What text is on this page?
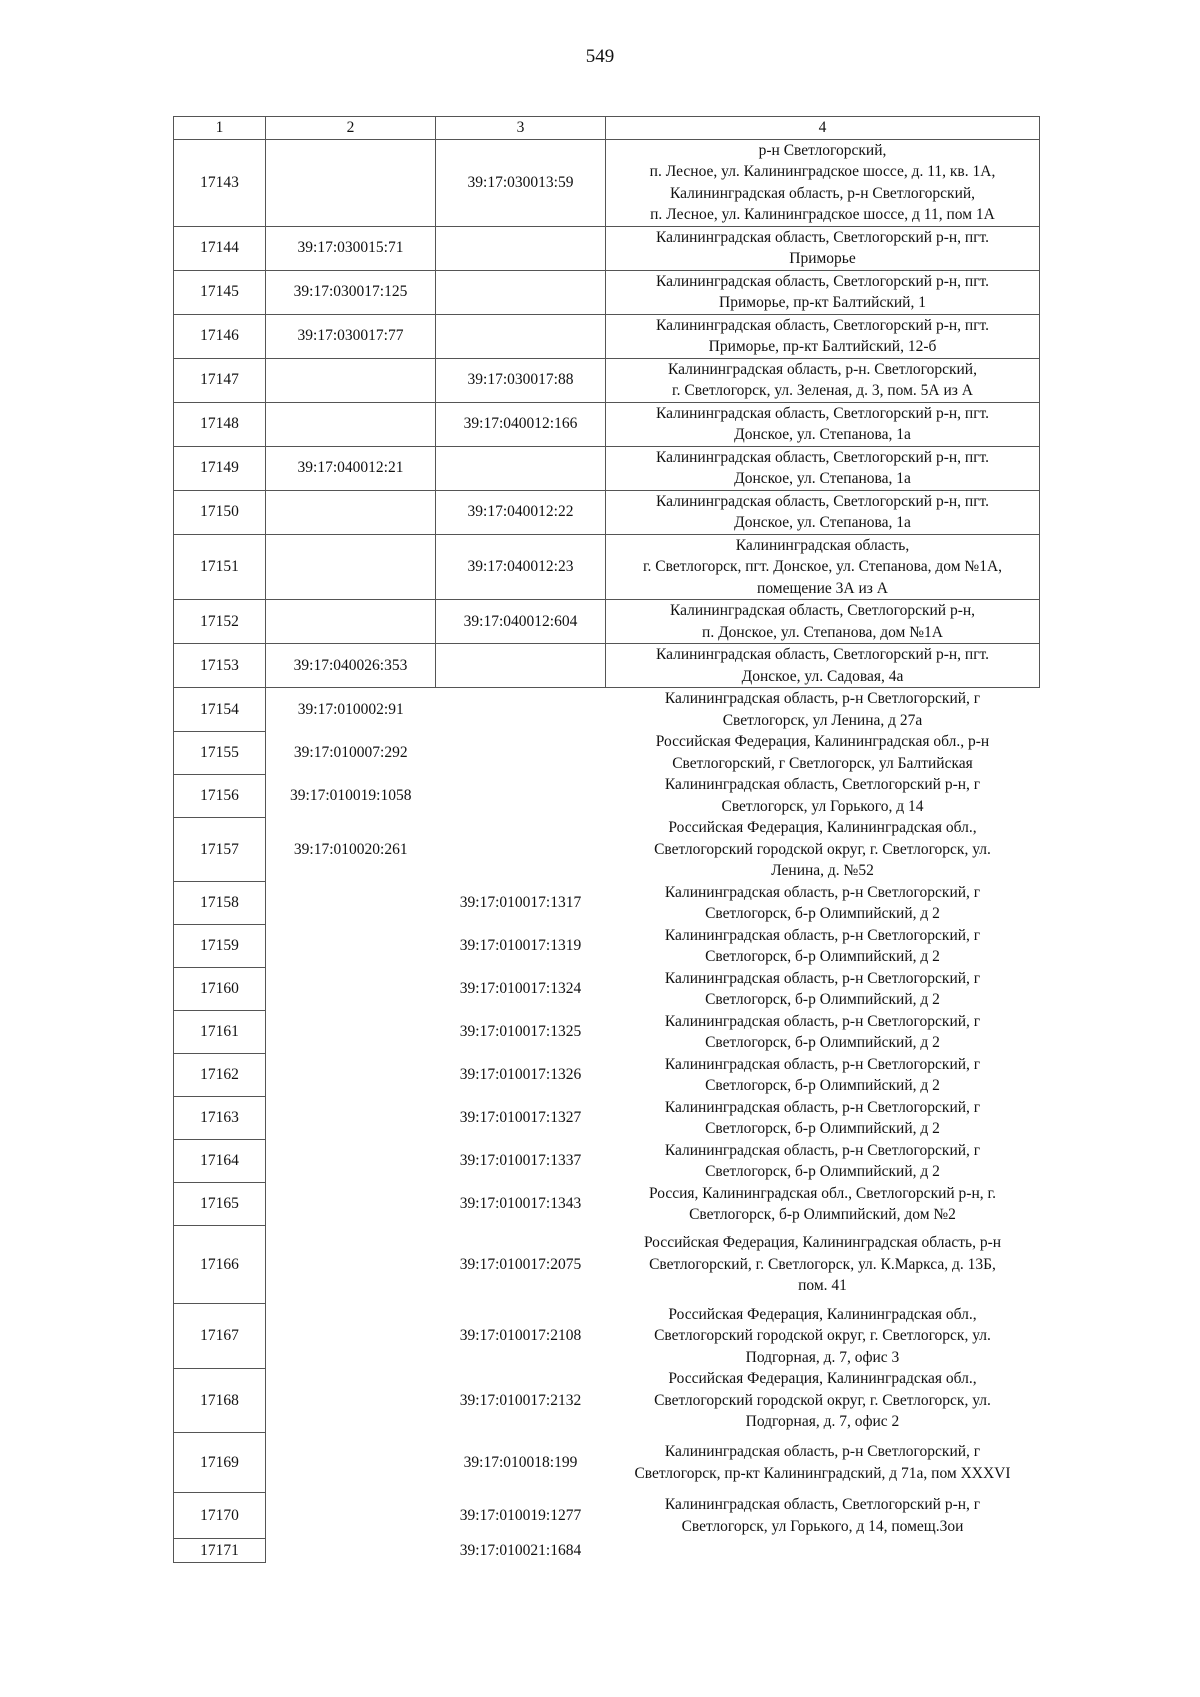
549
1	2	3	4
17143		39:17:030013:59	р-н Светлогорский,
п. Лесное, ул. Калининградское шоссе, д. 11, кв. 1А,
Калининградская область, р-н Светлогорский,
п. Лесное, ул. Калининградское шоссе, д 11, пом 1А

17144	39:17:030015:71		Калининградская область, Светлогорский р-н, пгт.
Приморье

17145	39:17:030017:125		Калининградская область, Светлогорский р-н, пгт.
Приморье, пр-кт Балтийский, 1

17146	39:17:030017:77		Калининградская область, Светлогорский р-н, пгт.
Приморье, пр-кт Балтийский, 12-б

17147		39:17:030017:88	Калининградская область, р-н. Светлогорский,
г. Светлогорск, ул. Зеленая, д. 3, пом. 5А из А

17148		39:17:040012:166	Калининградская область, Светлогорский р-н, пгт.
Донское, ул. Степанова, 1а

17149	39:17:040012:21		Калининградская область, Светлогорский р-н, пгт.
Донское, ул. Степанова, 1а

17150		39:17:040012:22	Калининградская область, Светлогорский р-н, пгт.
Донское, ул. Степанова, 1а

17151		39:17:040012:23	Калининградская область,
г. Светлогорск, пгт. Донское, ул. Степанова, дом №1А,
помещение 3А из А

17152		39:17:040012:604	Калининградская область, Светлогорский р-н,
п. Донское, ул. Степанова, дом №1А

17153	39:17:040026:353		Калининградская область, Светлогорский р-н, пгт.
Донское, ул. Садовая, 4а

17154	39:17:010002:91		Калининградская область, р-н Светлогорский, г
Светлогорск, ул Ленина, д 27а

17155	39:17:010007:292		Российская Федерация, Калининградская обл., р-н
Светлогорский, г Светлогорск, ул Балтийская

17156	39:17:010019:1058		Калининградская область, Светлогорский р-н, г
Светлогорск, ул Горького, д 14

17157	39:17:010020:261		Российская Федерация, Калининградская обл.,
Светлогорский городской округ, г. Светлогорск, ул.
Ленина, д. №52

17158		39:17:010017:1317	Калининградская область, р-н Светлогорский, г
Светлогорск, б-р Олимпийский, д 2

17159		39:17:010017:1319	Калининградская область, р-н Светлогорский, г
Светлогорск, б-р Олимпийский, д 2

17160		39:17:010017:1324	Калининградская область, р-н Светлогорский, г
Светлогорск, б-р Олимпийский, д 2

17161		39:17:010017:1325	Калининградская область, р-н Светлогорский, г
Светлогорск, б-р Олимпийский, д 2

17162		39:17:010017:1326	Калининградская область, р-н Светлогорский, г
Светлогорск, б-р Олимпийский, д 2

17163		39:17:010017:1327	Калининградская область, р-н Светлогорский, г
Светлогорск, б-р Олимпийский, д 2

17164		39:17:010017:1337	Калининградская область, р-н Светлогорский, г
Светлогорск, б-р Олимпийский, д 2

17165		39:17:010017:1343	Россия, Калининградская обл., Светлогорский р-н, г.
Светлогорск, б-р Олимпийский, дом №2

17166		39:17:010017:2075	Российская Федерация, Калининградская область, р-н
Светлогорский, г. Светлогорск, ул. К.Маркса, д. 13Б,
пом. 41

17167		39:17:010017:2108	Российская Федерация, Калининградская обл.,
Светлогорский городской округ, г. Светлогорск, ул.
Подгорная, д. 7, офис 3

17168		39:17:010017:2132	Российская Федерация, Калининградская обл.,
Светлогорский городской округ, г. Светлогорск, ул.
Подгорная, д. 7, офис 2

17169		39:17:010018:199	Калининградская область, р-н Светлогорский, г
Светлогорск, пр-кт Калининградский, д 71а, пом XXXVI

17170		39:17:010019:1277	Калининградская область, Светлогорский р-н, г
Светлогорск, ул Горького, д 14, помещ.3ои

17171		39:17:010021:1684	
